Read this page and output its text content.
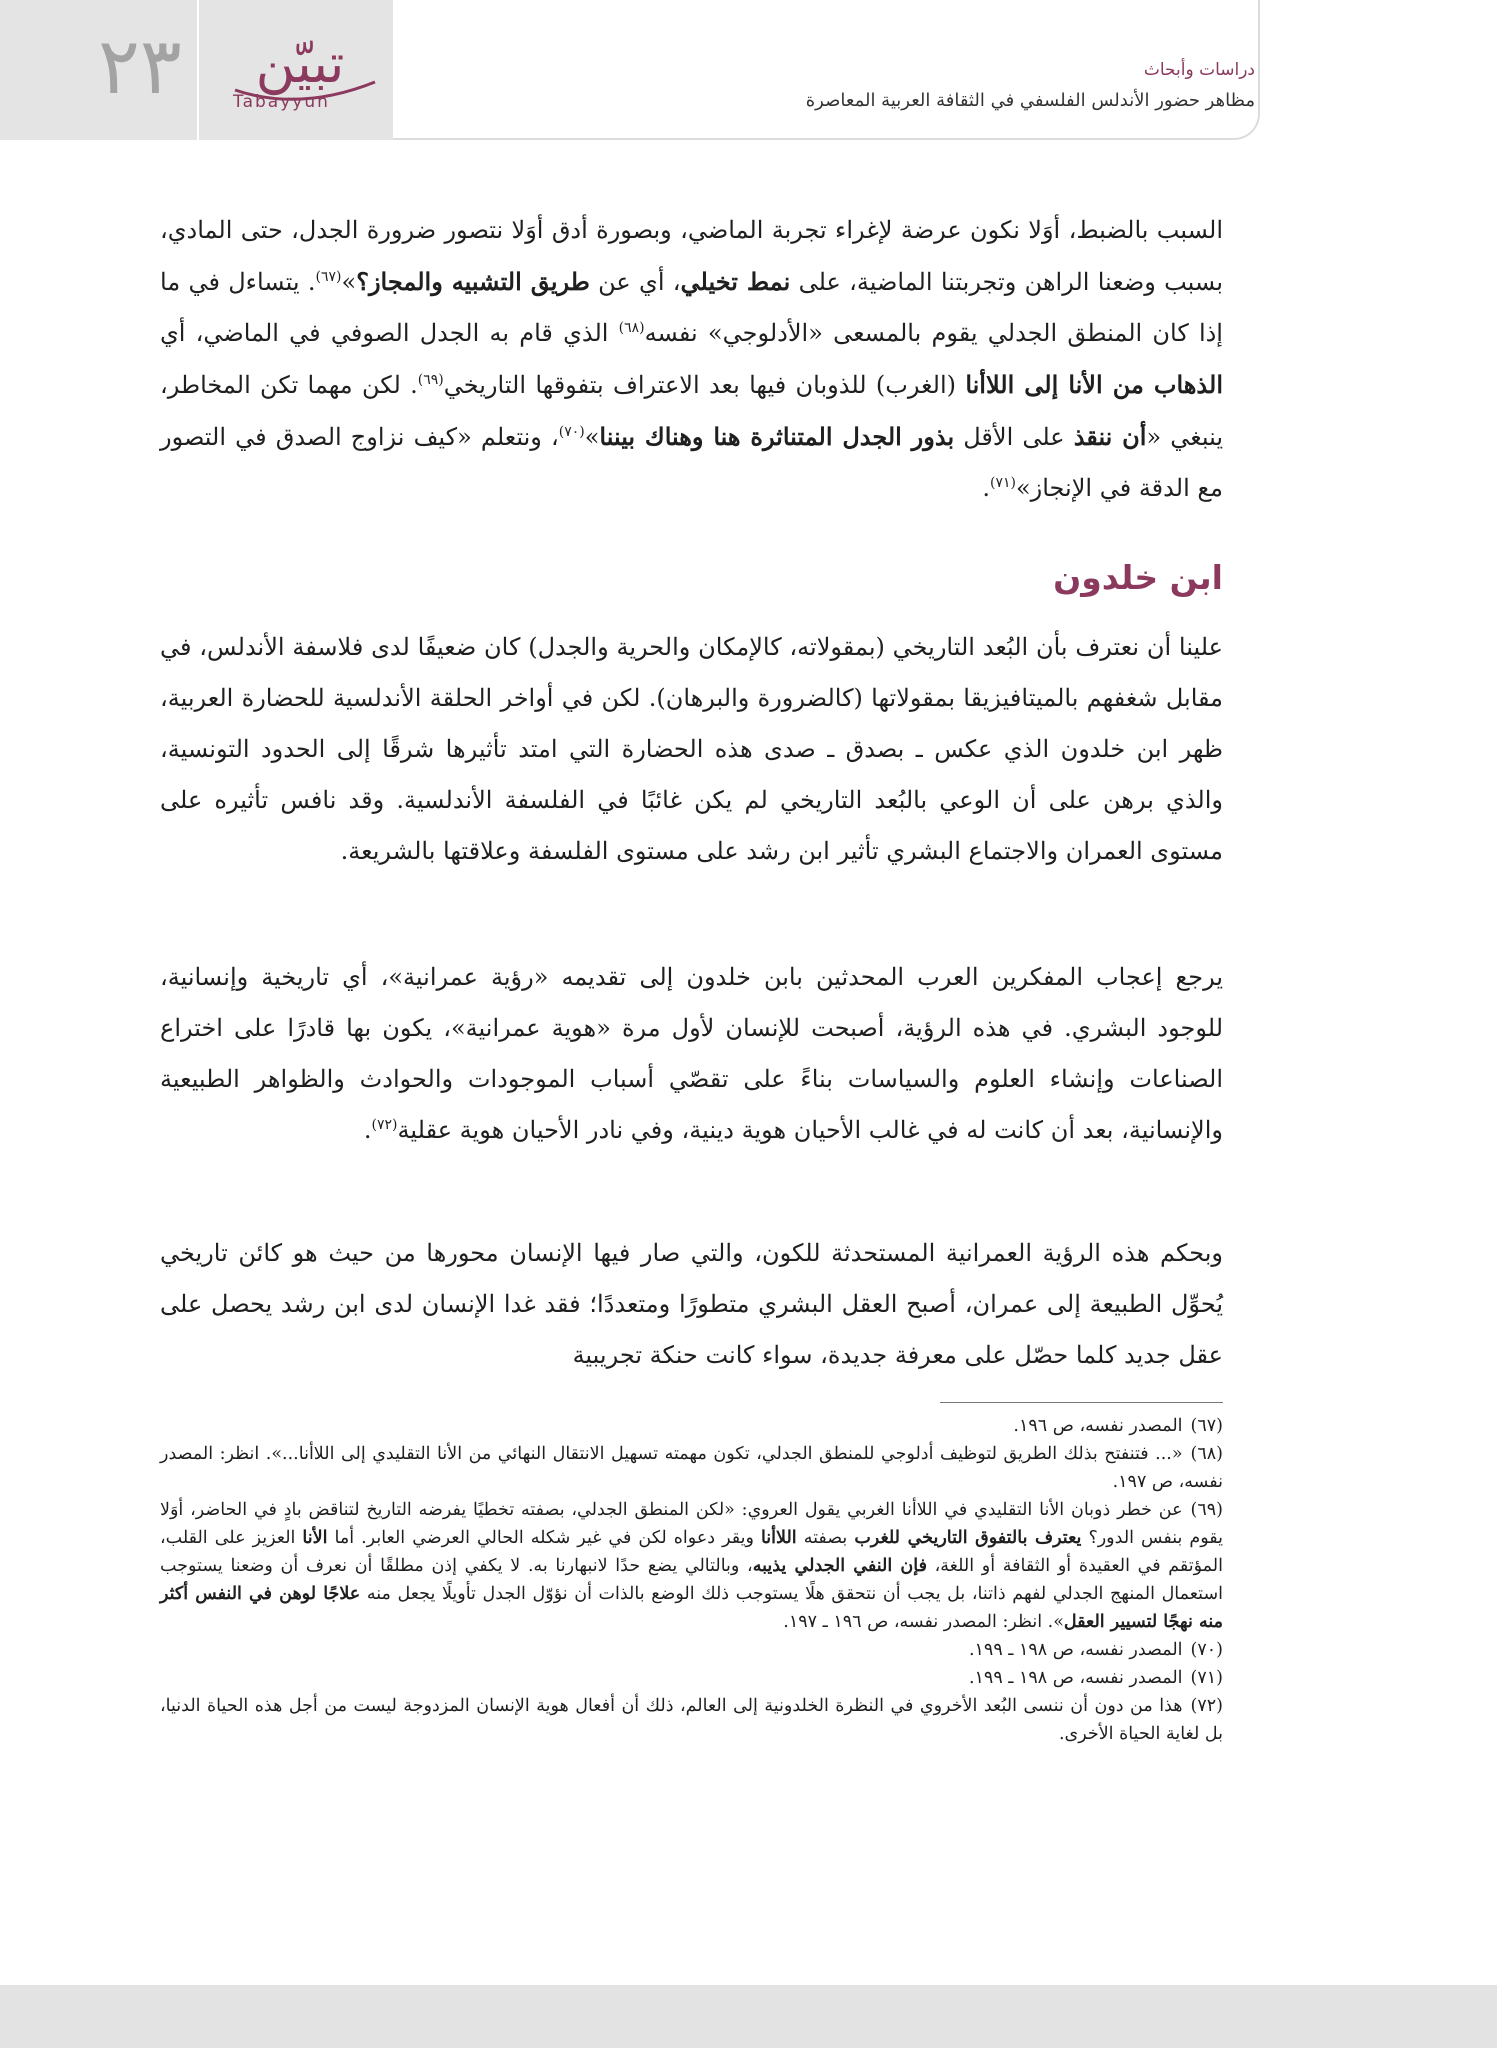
٢٣ تبيّن
Tabayyun
دراسات وأبحاث
مظاهر حضور الأندلس الفلسفي في الثقافة العربية المعاصرة

السبب بالضبط، أوَلا نكون عرضة لإغراء تجربة الماضي، وبصورة أدق أوَلا نتصور ضرورة الجدل، حتى المادي، بسبب وضعنا الراهن وتجربتنا الماضية، على نمط تخيلي، أي عن طريق التشبيه والمجاز؟»$^{(٦٧)}$. يتساءل في ما إذا كان المنطق الجدلي يقوم بالمسعى «الأدلوجي» نفسه$^{(٦٨)}$ الذي قام به الجدل الصوفي في الماضي، أي الذهاب من الأنا إلى اللاأنا (الغرب) للذوبان فيها بعد الاعتراف بتفوقها التاريخي$^{(٦٩)}$. لكن مهما تكن المخاطر، ينبغي «أن ننقذ على الأقل بذور الجدل المتناثرة هنا وهناك بيننا»$^{(٧٠)}$، ونتعلم «كيف نزاوج الصدق في التصور مع الدقة في الإنجاز»$^{(٧١)}$.

ابن خلدون

علينا أن نعترف بأن البُعد التاريخي (بمقولاته، كالإمكان والحرية والجدل) كان ضعيفًا لدى فلاسفة الأندلس، في مقابل شغفهم بالميتافيزيقا بمقولاتها (كالضرورة والبرهان). لكن في أواخر الحلقة الأندلسية للحضارة العربية، ظهر ابن خلدون الذي عكس ـ بصدق ـ صدى هذه الحضارة التي امتد تأثيرها شرقًا إلى الحدود التونسية، والذي برهن على أن الوعي بالبُعد التاريخي لم يكن غائبًا في الفلسفة الأندلسية. وقد نافس تأثيره على مستوى العمران والاجتماع البشري تأثير ابن رشد على مستوى الفلسفة وعلاقتها بالشريعة.

يرجع إعجاب المفكرين العرب المحدثين بابن خلدون إلى تقديمه «رؤية عمرانية»، أي تاريخية وإنسانية، للوجود البشري. في هذه الرؤية، أصبحت للإنسان لأول مرة «هوية عمرانية»، يكون بها قادرًا على اختراع الصناعات وإنشاء العلوم والسياسات بناءً على تقصّي أسباب الموجودات والحوادث والظواهر الطبيعية والإنسانية، بعد أن كانت له في غالب الأحيان هوية دينية، وفي نادر الأحيان هوية عقلية$^{(٧٢)}$.

وبحكم هذه الرؤية العمرانية المستحدثة للكون، والتي صار فيها الإنسان محورها من حيث هو كائن تاريخي يُحوِّل الطبيعة إلى عمران، أصبح العقل البشري متطورًا ومتعددًا؛ فقد غدا الإنسان لدى ابن رشد يحصل على عقل جديد كلما حصّل على معرفة جديدة، سواء كانت حنكة تجريبية

(٦٧)المصدر نفسه، ص ١٩٦.

(٦٨)«... فتنفتح بذلك الطريق لتوظيف أدلوجي للمنطق الجدلي، تكون مهمته تسهيل الانتقال النهائي من الأنا التقليدي إلى اللاأنا...». انظر: المصدر نفسه، ص ١٩٧.

(٦٩)عن خطر ذوبان الأنا التقليدي في اللاأنا الغربي يقول العروي: «لكن المنطق الجدلي، بصفته تخطيًا يفرضه التاريخ لتناقض بادٍ في الحاضر، أوَلا يقوم بنفس الدور؟ يعترف بالتفوق التاريخي للغرب بصفته اللاأنا ويقر دعواه لكن في غير شكله الحالي العرضي العابر. أما الأنا العزيز على القلب، المؤتقم في العقيدة أو الثقافة أو اللغة، فإن النفي الجدلي يذيبه، وبالتالي يضع حدًا لانبهارنا به. لا يكفي إذن مطلقًا أن نعرف أن وضعنا يستوجب استعمال المنهج الجدلي لفهم ذاتنا، بل يجب أن نتحقق هلًا يستوجب ذلك الوضع بالذات أن نؤوّل الجدل تأويلًا يجعل منه علاجًا لوهن في النفس أكثر منه نهجًا لتسيير العقل». انظر: المصدر نفسه، ص ١٩٦ ـ ١٩٧.

(٧٠)المصدر نفسه، ص ١٩٨ ـ ١٩٩.

(٧١)المصدر نفسه، ص ١٩٨ ـ ١٩٩.

(٧٢)هذا من دون أن ننسى البُعد الأخروي في النظرة الخلدونية إلى العالم، ذلك أن أفعال هوية الإنسان المزدوجة ليست من أجل هذه الحياة الدنيا، بل لغاية الحياة الأخرى.
